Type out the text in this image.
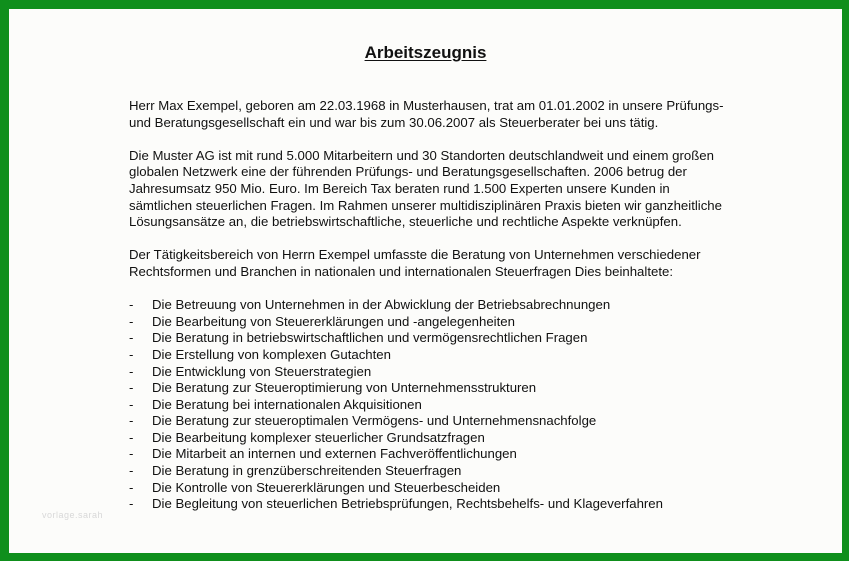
Arbeitszeugnis

Herr Max Exempel, geboren am 22.03.1968 in Musterhausen, trat am 01.01.2002 in unsere Prüfungs- und Beratungsgesellschaft ein und war bis zum 30.06.2007 als Steuerberater bei uns tätig.

Die Muster AG ist mit rund 5.000 Mitarbeitern und 30 Standorten deutschlandweit und einem großen globalen Netzwerk eine der führenden Prüfungs- und Beratungsgesellschaften. 2006 betrug der Jahresumsatz 950 Mio. Euro. Im Bereich Tax beraten rund 1.500 Experten unsere Kunden in sämtlichen steuerlichen Fragen. Im Rahmen unserer multidisziplinären Praxis bieten wir ganzheitliche Lösungsansätze an, die betriebswirtschaftliche, steuerliche und rechtliche Aspekte verknüpfen.

Der Tätigkeitsbereich von Herrn Exempel umfasste die Beratung von Unternehmen verschiedener Rechtsformen und Branchen in nationalen und internationalen Steuerfragen Dies beinhaltete:

- Die Betreuung von Unternehmen in der Abwicklung der Betriebsabrechnungen
- Die Bearbeitung von Steuererklärungen und -angelegenheiten
- Die Beratung in betriebswirtschaftlichen und vermögensrechtlichen Fragen
- Die Erstellung von komplexen Gutachten
- Die Entwicklung von Steuerstrategien
- Die Beratung zur Steueroptimierung von Unternehmensstrukturen
- Die Beratung bei internationalen Akquisitionen
- Die Beratung zur steueroptimalen Vermögens- und Unternehmensnachfolge
- Die Bearbeitung komplexer steuerlicher Grundsatzfragen
- Die Mitarbeit an internen und externen Fachveröffentlichungen
- Die Beratung in grenzüberschreitenden Steuerfragen
- Die Kontrolle von Steuererklärungen und Steuerbescheiden
- Die Begleitung von steuerlichen Betriebsprüfungen, Rechtsbehelfs- und Klageverfahren
vorlage.sarah
